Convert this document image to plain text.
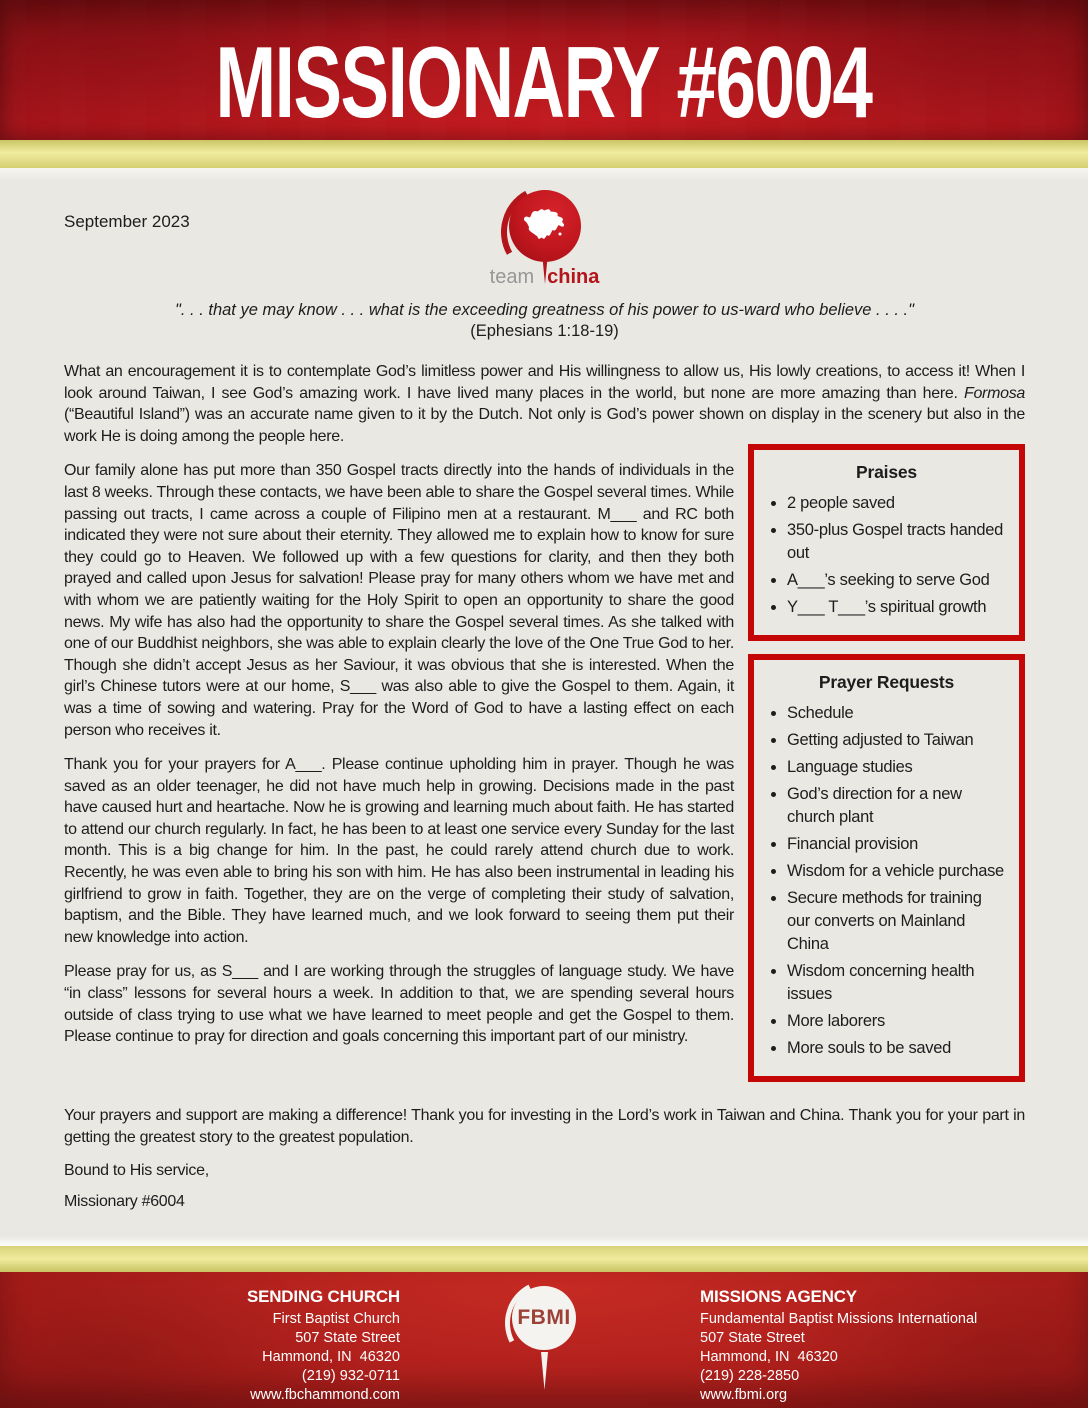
MISSIONARY #6004
September 2023
team china
". . . that ye may know . . . what is the exceeding greatness of his power to us-ward who believe . . . ."
(Ephesians 1:18-19)

What an encouragement it is to contemplate God’s limitless power and His willingness to allow us, His lowly creations, to access it! When I look around Taiwan, I see God’s amazing work. I have lived many places in the world, but none are more amazing than here. Formosa (“Beautiful Island”) was an accurate name given to it by the Dutch. Not only is God’s power shown on display in the scenery but also in the work He is doing among the people here.

Praises
• 2 people saved
• 350-plus Gospel tracts handed out
• A___’s seeking to serve God
• Y___ T___’s spiritual growth
Prayer Requests
• Schedule
• Getting adjusted to Taiwan
• Language studies
• God’s direction for a new church plant
• Financial provision
• Wisdom for a vehicle purchase
• Secure methods for training our converts on Mainland China
• Wisdom concerning health issues
• More laborers
• More souls to be saved

Our family alone has put more than 350 Gospel tracts directly into the hands of individuals in the last 8 weeks. Through these contacts, we have been able to share the Gospel several times. While passing out tracts, I came across a couple of Filipino men at a restaurant. M___ and RC both indicated they were not sure about their eternity. They allowed me to explain how to know for sure they could go to Heaven. We followed up with a few questions for clarity, and then they both prayed and called upon Jesus for salvation! Please pray for many others whom we have met and with whom we are patiently waiting for the Holy Spirit to open an opportunity to share the good news. My wife has also had the opportunity to share the Gospel several times. As she talked with one of our Buddhist neighbors, she was able to explain clearly the love of the One True God to her. Though she didn’t accept Jesus as her Saviour, it was obvious that she is interested. When the girl’s Chinese tutors were at our home, S___ was also able to give the Gospel to them. Again, it was a time of sowing and watering. Pray for the Word of God to have a lasting effect on each person who receives it.

Thank you for your prayers for A___. Please continue upholding him in prayer. Though he was saved as an older teenager, he did not have much help in growing. Decisions made in the past have caused hurt and heartache. Now he is growing and learning much about faith. He has started to attend our church regularly. In fact, he has been to at least one service every Sunday for the last month. This is a big change for him. In the past, he could rarely attend church due to work. Recently, he was even able to bring his son with him. He has also been instrumental in leading his girlfriend to grow in faith. Together, they are on the verge of completing their study of salvation, baptism, and the Bible. They have learned much, and we look forward to seeing them put their new knowledge into action.

Please pray for us, as S___ and I are working through the struggles of language study. We have “in class” lessons for several hours a week. In addition to that, we are spending several hours outside of class trying to use what we have learned to meet people and get the Gospel to them. Please continue to pray for direction and goals concerning this important part of our ministry.

Your prayers and support are making a difference! Thank you for investing in the Lord’s work in Taiwan and China. Thank you for your part in getting the greatest story to the greatest population.

Bound to His service,
Missionary #6004
SENDING CHURCH
First Baptist Church
507 State Street
Hammond, IN  46320
(219) 932-0711
www.fbchammond.com
FBMI
MISSIONS AGENCY
Fundamental Baptist Missions International
507 State Street
Hammond, IN  46320
(219) 228-2850
www.fbmi.org
